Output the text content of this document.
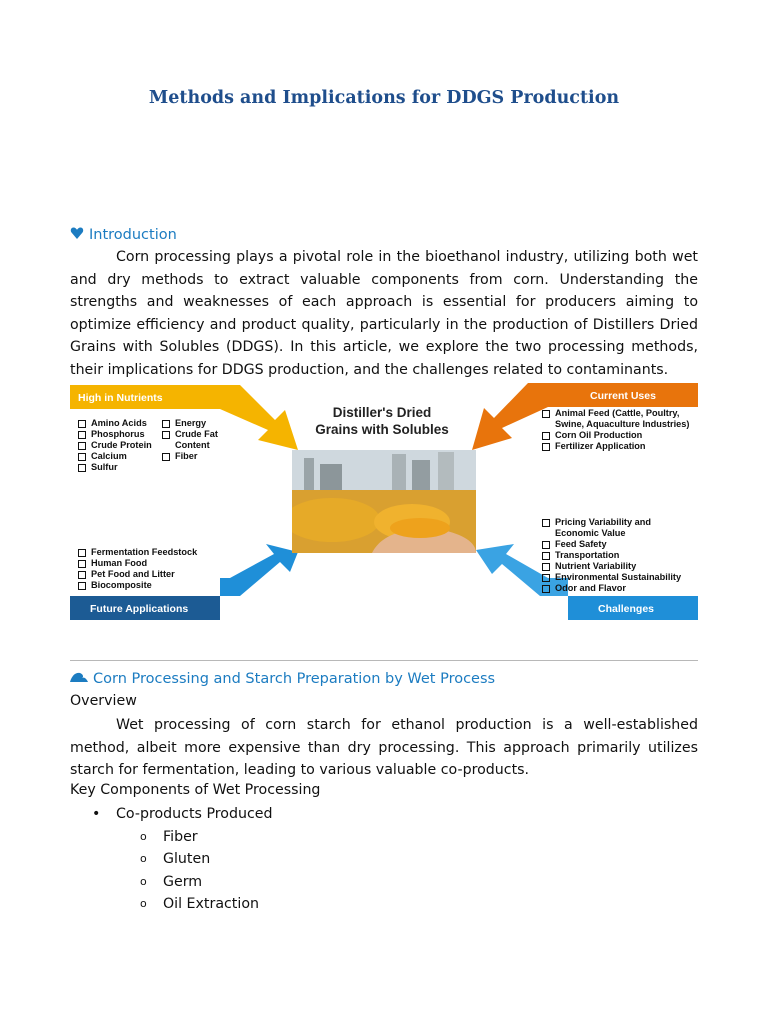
Methods and Implications for DDGS Production
Introduction
Corn processing plays a pivotal role in the bioethanol industry, utilizing both wet and dry methods to extract valuable components from corn. Understanding the strengths and weaknesses of each approach is essential for producers aiming to optimize efficiency and product quality, particularly in the production of Distillers Dried Grains with Solubles (DDGS). In this article, we explore the two processing methods, their implications for DDGS production, and the challenges related to contaminants.
High in Nutrients	Current Uses
Future Applications	Challenges
Amino Acids
Phosphorus
Crude Protein
Calcium
Sulfur
Energy
Crude Fat
Content
Fiber
Animal Feed (Cattle, Poultry,
Swine, Aquaculture Industries)
Corn Oil Production
Fertilizer Application
Fermentation Feedstock
Human Food
Pet Food and Litter
Biocomposite
Pricing Variability and
Economic Value
Feed Safety
Transportation
Nutrient Variability
Environmental Sustainability
Odor and Flavor
Distiller's Dried
Grains with Solubles
Corn Processing and Starch Preparation by Wet Process
Overview
Wet processing of corn starch for ethanol production is a well-established method, albeit more expensive than dry processing. This approach primarily utilizes starch for fermentation, leading to various valuable co-products.
Key Components of Wet Processing
• Co-products Produced
o Fiber
o Gluten
o Germ
o Oil Extraction
